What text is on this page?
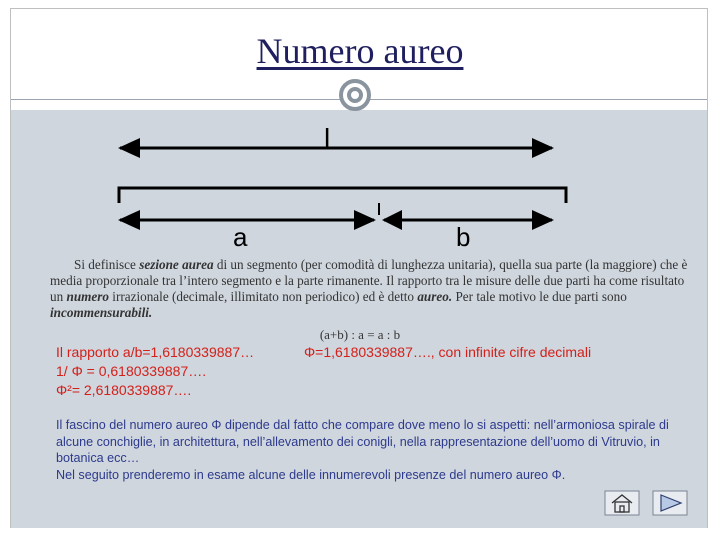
Numero aureo
l
a	b
Si definisce sezione aurea di un segmento (per comodità di lunghezza unitaria), quella sua parte (la maggiore) che è media proporzionale tra l’intero segmento e la parte rimanente. Il rapporto tra le misure delle due parti ha come risultato un numero irrazionale (decimale, illimitato non periodico) ed è detto aureo. Per tale motivo le due parti sono incommensurabili.
(a+b) : a = a : b
Il rapporto a/b=1,6180339887…	Φ=1,6180339887…., con infinite cifre decimali
1/ Φ = 0,6180339887….
Φ²= 2,6180339887….
Il fascino del numero aureo Φ dipende dal fatto che compare dove meno lo si aspetti: nell’armoniosa spirale di alcune conchiglie, in architettura, nell’allevamento dei conigli, nella rappresentazione dell’uomo di Vitruvio, in botanica ecc…
Nel seguito prenderemo in esame alcune delle innumerevoli presenze del numero aureo Φ.
